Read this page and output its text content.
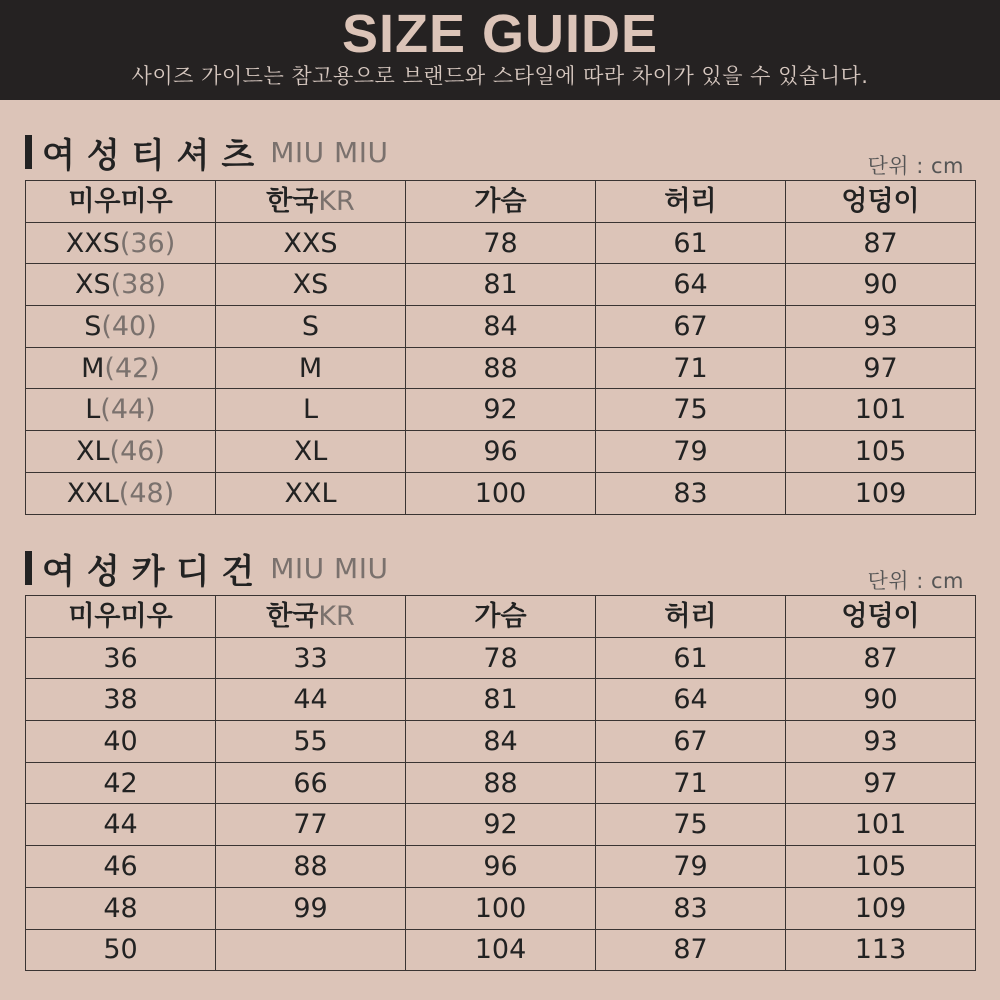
SIZE GUIDE
사이즈 가이드는 참고용으로 브랜드와 스타일에 따라 차이가 있을 수 있습니다.
여성티셔츠 MIU MIU	단위 : cm
미우미우	한국KR	가슴	허리	엉덩이
XXS(36)	XXS	78	61	87
XS(38)	XS	81	64	90
S(40)	S	84	67	93
M(42)	M	88	71	97
L(44)	L	92	75	101
XL(46)	XL	96	79	105
XXL(48)	XXL	100	83	109
여성카디건 MIU MIU	단위 : cm
미우미우	한국KR	가슴	허리	엉덩이
36	33	78	61	87
38	44	81	64	90
40	55	84	67	93
42	66	88	71	97
44	77	92	75	101
46	88	96	79	105
48	99	100	83	109
50		104	87	113
